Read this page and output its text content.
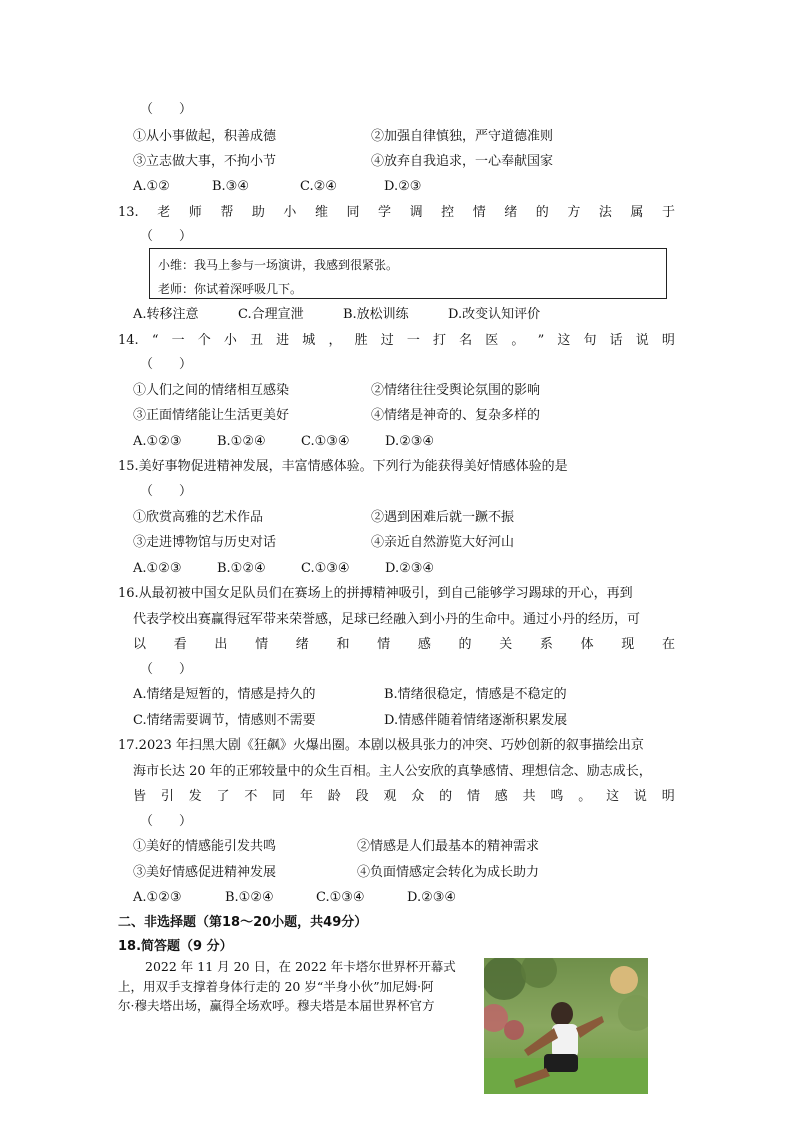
（　　）
①从小事做起，积善成德	②加强自律慎独，严守道德准则
③立志做大事，不拘小节	④放弃自我追求，一心奉献国家
A.①②	B.③④	C.②④	D.②③
13. 老 师 帮 助 小 维 同 学 调 控 情 绪 的 方 法 属 于
（　　）
小维：我马上参与一场演讲，我感到很紧张。
老师：你试着深呼吸几下。
A.转移注意	C.合理宣泄	B.放松训练	D.改变认知评价
14. “ 一 个 小 丑 进 城 ， 胜 过 一 打 名 医 。 ” 这 句 话 说 明
（　　）
①人们之间的情绪相互感染	②情绪往往受舆论氛围的影响
③正面情绪能让生活更美好	④情绪是神奇的、复杂多样的
A.①②③	B.①②④	C.①③④	D.②③④
15.美好事物促进精神发展，丰富情感体验。下列行为能获得美好情感体验的是
（　　）
①欣赏高雅的艺术作品	②遇到困难后就一蹶不振
③走进博物馆与历史对话	④亲近自然游览大好河山
A.①②③	B.①②④	C.①③④	D.②③④
16.从最初被中国女足队员们在赛场上的拼搏精神吸引，到自己能够学习踢球的开心，再到
代表学校出赛赢得冠军带来荣誉感，足球已经融入到小丹的生命中。通过小丹的经历，可
以 看 出 情 绪 和 情 感 的 关 系 体 现 在
（　　）
A.情绪是短暂的，情感是持久的	B.情绪很稳定，情感是不稳定的
C.情绪需要调节，情感则不需要	D.情感伴随着情绪逐渐积累发展
17.2023 年扫黑大剧《狂飙》火爆出圈。本剧以极具张力的冲突、巧妙创新的叙事描绘出京
海市长达 20 年的正邪较量中的众生百相。主人公安欣的真挚感情、理想信念、励志成长，
皆 引 发 了 不 同 年 龄 段 观 众 的 情 感 共 鸣 。 这 说 明
（　　）
①美好的情感能引发共鸣	②情感是人们最基本的精神需求
③美好情感促进精神发展	④负面情感定会转化为成长助力
A.①②③	B.①②④	C.①③④	D.②③④
二、非选择题（第18～20小题，共49分）
18.简答题（9 分）
2022 年 11 月 20 日，在 2022 年卡塔尔世界杯开幕式
上，用双手支撑着身体行走的 20 岁“半身小伙”加尼姆·阿
尔·穆夫塔出场，赢得全场欢呼。穆夫塔是本届世界杯官方
